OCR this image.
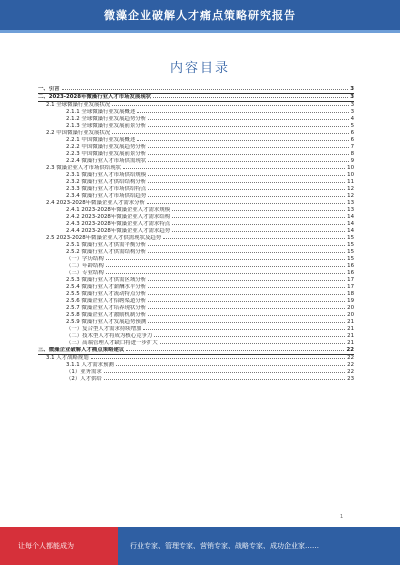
微藻企业破解人才痛点策略研究报告
内容目录
一、引言	3
二、2023-2028年微藻行业人才市场发展现状	3
2.1 全球微藻行业发展状况	3
2.1.1 全球微藻行业发展概述	3
2.1.2 全球微藻行业发展趋势分析	4
2.1.3 全球微藻行业发展前景分析	5
2.2 中国微藻行业发展状况	6
2.2.1 中国微藻行业发展概述	6
2.2.2 中国微藻行业发展趋势分析	7
2.2.3 中国微藻行业发展前景分析	8
2.2.4 微藻行业人才市场供需现状	9
2.3 微藻企业人才市场供给现状	10
2.3.1 微藻行业人才市场供给规模	10
2.3.2 微藻行业人才供给结构分析	11
2.3.3 微藻行业人才市场供给特点	12
2.3.4 微藻行业人才市场供给趋势	12
2.4 2023-2028年微藻企业人才需求分析	13
2.4.1 2023-2028年微藻企业人才需求规模	13
2.4.2 2023-2028年微藻企业人才需求结构	14
2.4.3 2023-2028年微藻企业人才需求特点	14
2.4.4 2023-2028年微藻企业人才需求趋势	14
2.5 2023-2028年微藻企业人才供需现状及趋势	15
2.5.1 微藻行业人才供需平衡分析	15
2.5.2 微藻行业人才供需结构分析	15
（一）学历结构	15
（二）年龄结构	16
（三）专业结构	16
2.5.3 微藻行业人才供需区域分析	17
2.5.4 微藻行业人才薪酬水平分析	17
2.5.5 微藻行业人才流动特点分析	18
2.5.6 微藻企业人才招聘渠道分析	19
2.5.7 微藻企业人才培养现状分析	20
2.5.8 微藻企业人才激励机制分析	20
2.5.9 微藻行业人才发展趋势预测	21
（一）复合型人才需求持续增加	21
（二）技术型人才将成为核心竞争力	21
（三）高端管理人才缺口将进一步扩大	21
三、微藻企业破解人才痛点策略建议	22
3.1 人才战略规划	22
3.1.1 人才需求预测	22
（1）业务需求	22
（2）人才供给	23
1
让每个人都能成为	行业专家、管理专家、营销专家、战略专家、成功企业家……
